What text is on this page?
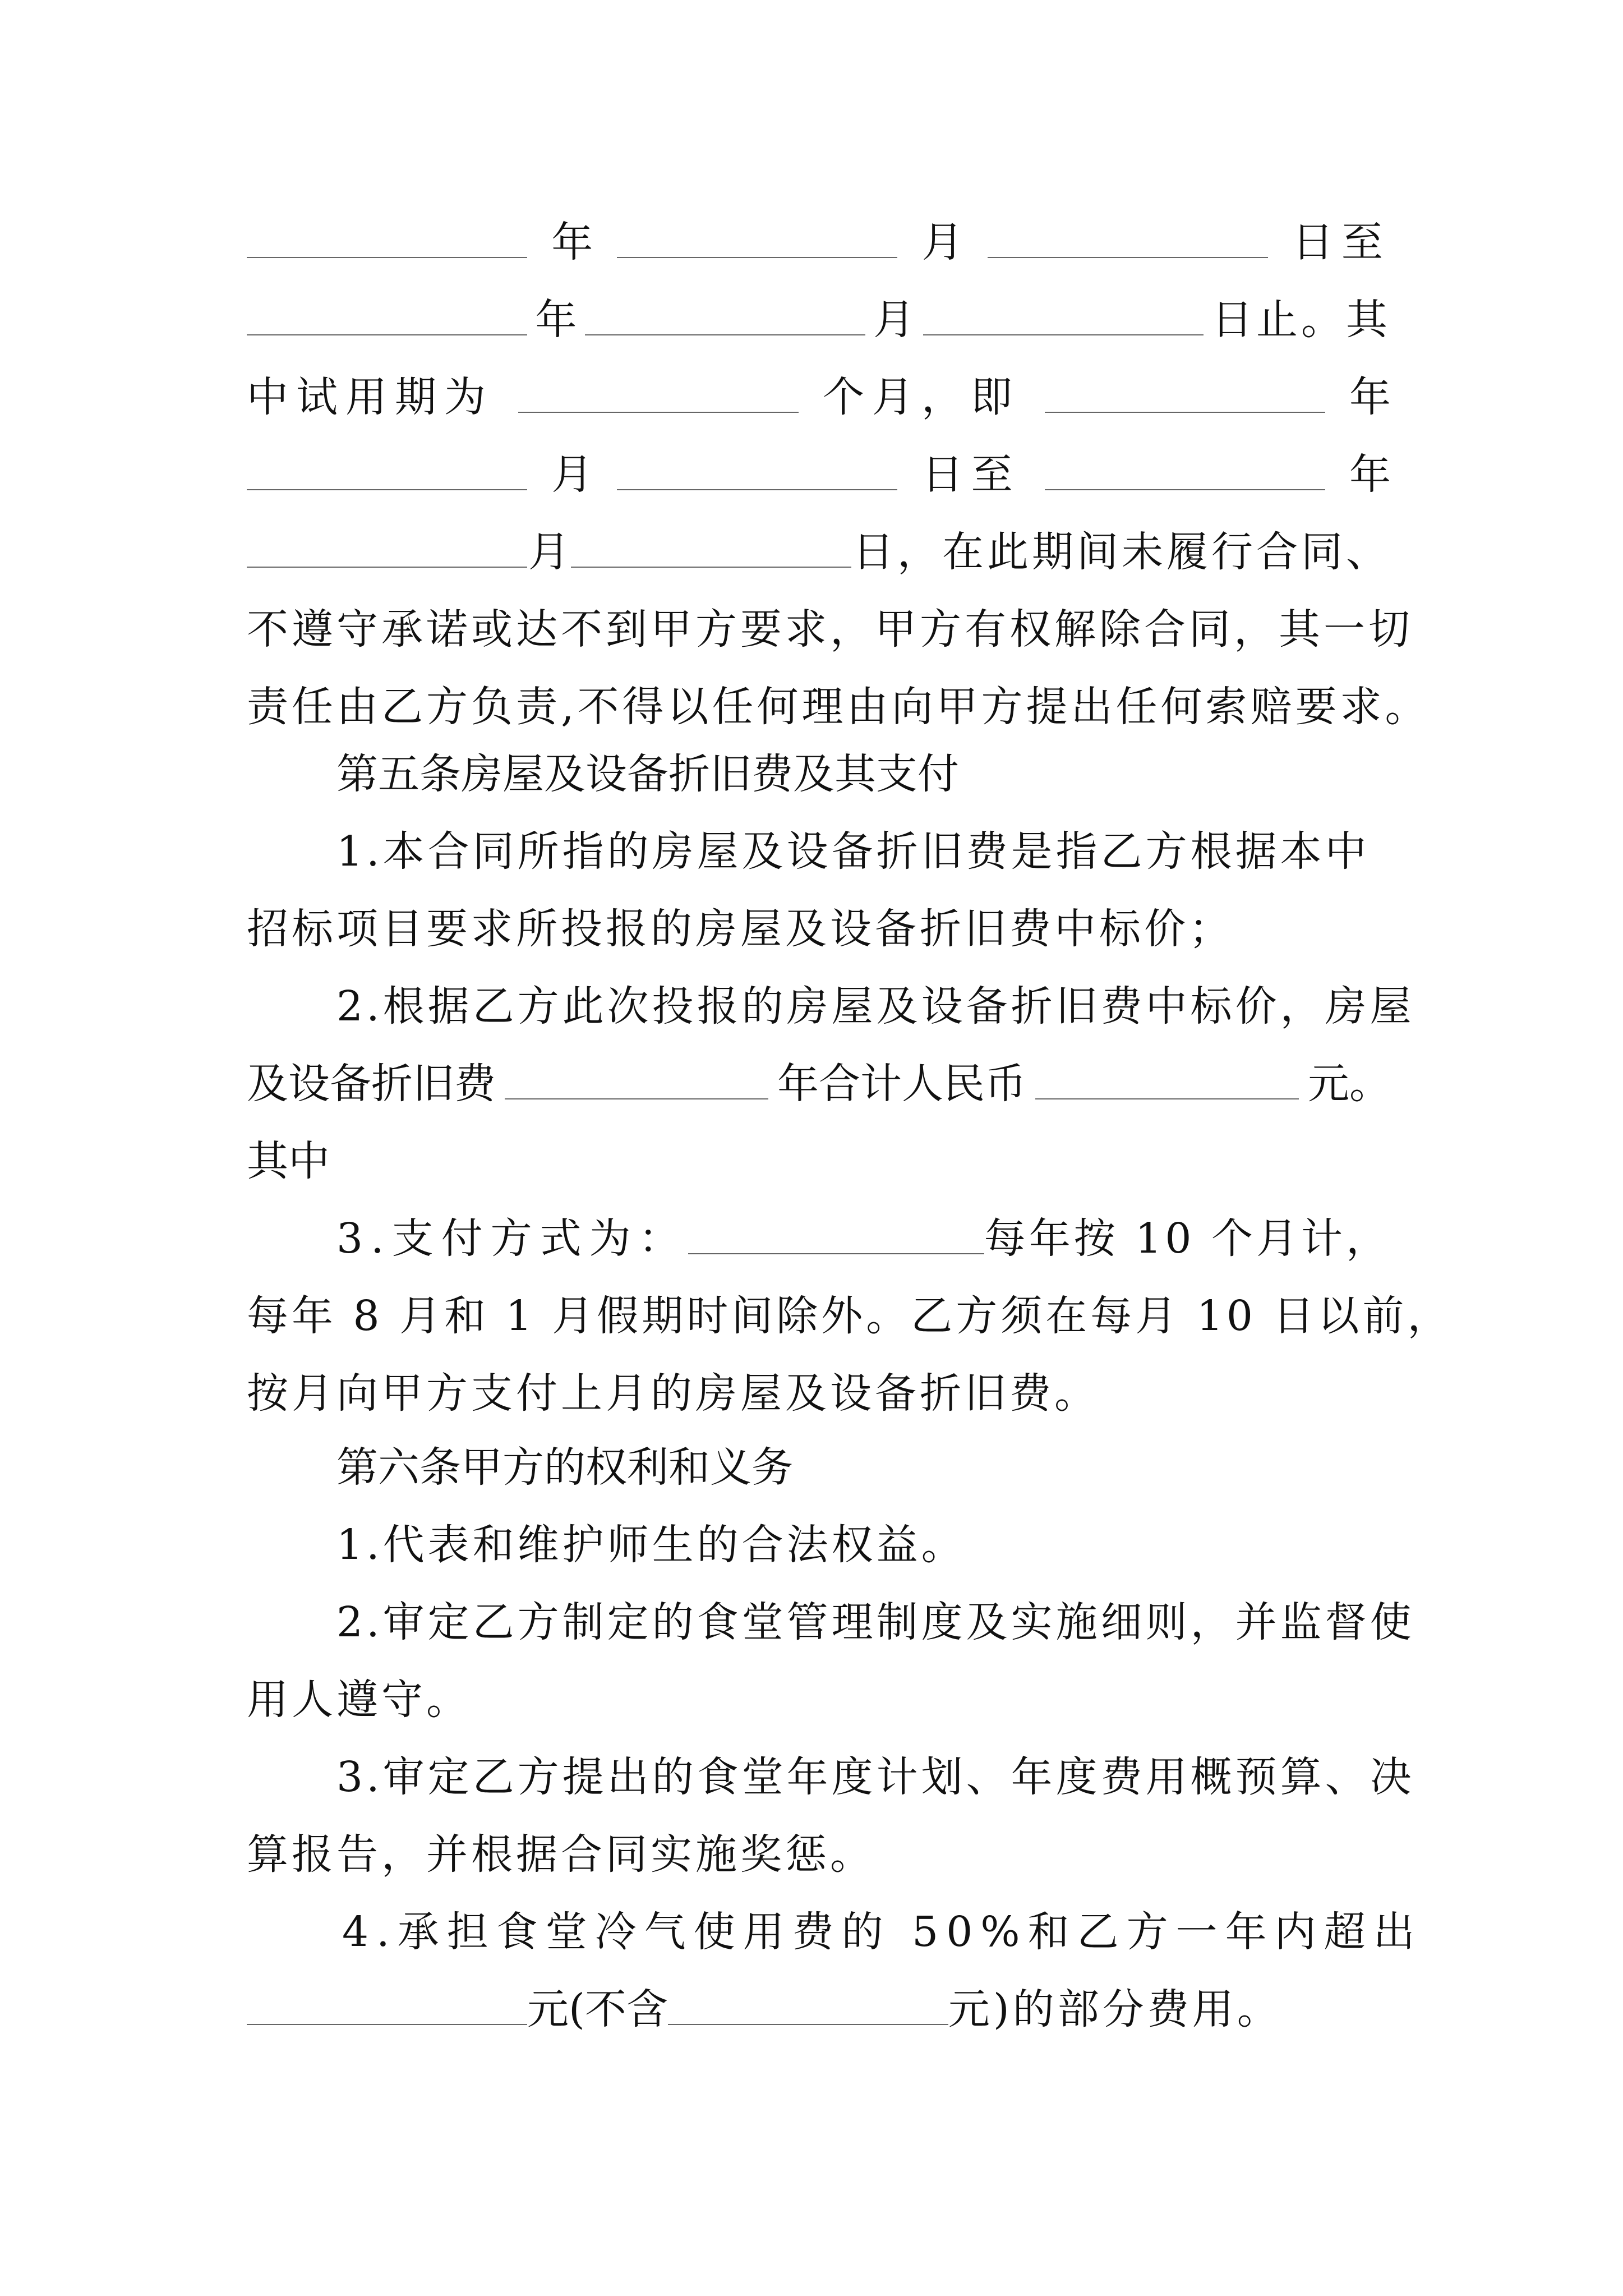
年	月	日至
年	月	日止。其
中试用期为	个月，即	年
月	日至	年
月	日，在此期间未履行合同、
不遵守承诺或达不到甲方要求，甲方有权解除合同，其一切
责任由乙方负责,不得以任何理由向甲方提出任何索赔要求。
第五条房屋及设备折旧费及其支付
1.本合同所指的房屋及设备折旧费是指乙方根据本中
招标项目要求所投报的房屋及设备折旧费中标价；
2.根据乙方此次投报的房屋及设备折旧费中标价，房屋
及设备折旧费	年合计人民币	元。
其中
3.支付方式为：	每年按 10 个月计，
每年 8 月和 1 月假期时间除外。乙方须在每月 10 日以前，
按月向甲方支付上月的房屋及设备折旧费。
第六条甲方的权利和义务
1.代表和维护师生的合法权益。
2.审定乙方制定的食堂管理制度及实施细则，并监督使
用人遵守。
3.审定乙方提出的食堂年度计划、年度费用概预算、决
算报告，并根据合同实施奖惩。
4.承担食堂冷气使用费的 50%和乙方一年内超出
元(不含	元)的部分费用。
